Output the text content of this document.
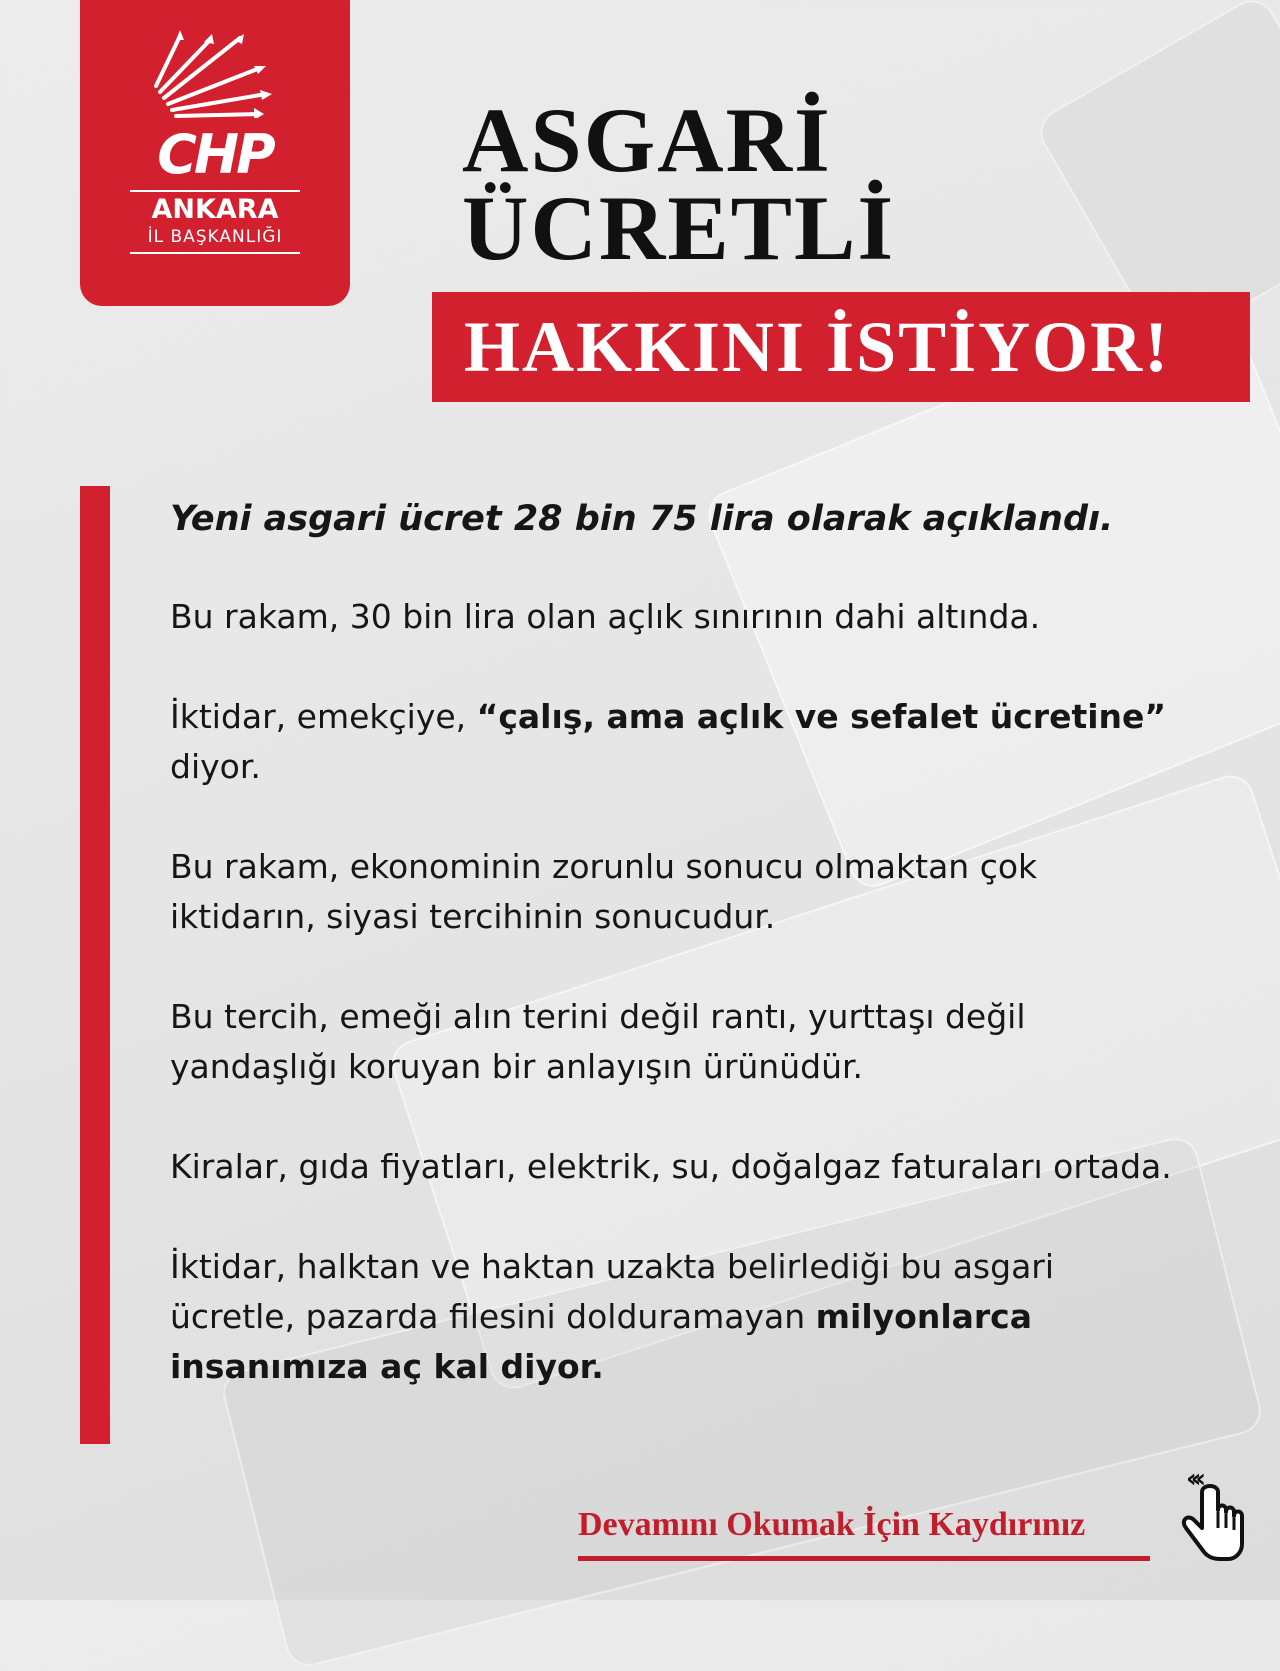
CHP
ANKARA
İL BAŞKANLIĞI
ASGARİ
ÜCRETLİ
HAKKINI İSTİYOR!

Yeni asgari ücret 28 bin 75 lira olarak açıklandı.

Bu rakam, 30 bin lira olan açlık sınırının dahi altında.

İktidar, emekçiye, “çalış, ama açlık ve sefalet ücretine” diyor.

Bu rakam, ekonominin zorunlu sonucu olmaktan çok iktidarın, siyasi tercihinin sonucudur.

Bu tercih, emeği alın terini değil rantı, yurttaşı değil yandaşlığı koruyan bir anlayışın ürünüdür.

Kiralar, gıda fiyatları, elektrik, su, doğalgaz faturaları ortada.

İktidar, halktan ve haktan uzakta belirlediği bu asgari ücretle, pazarda filesini dolduramayan milyonlarca insanımıza aç kal diyor.

Devamını Okumak İçin Kaydırınız
‹‹‹
